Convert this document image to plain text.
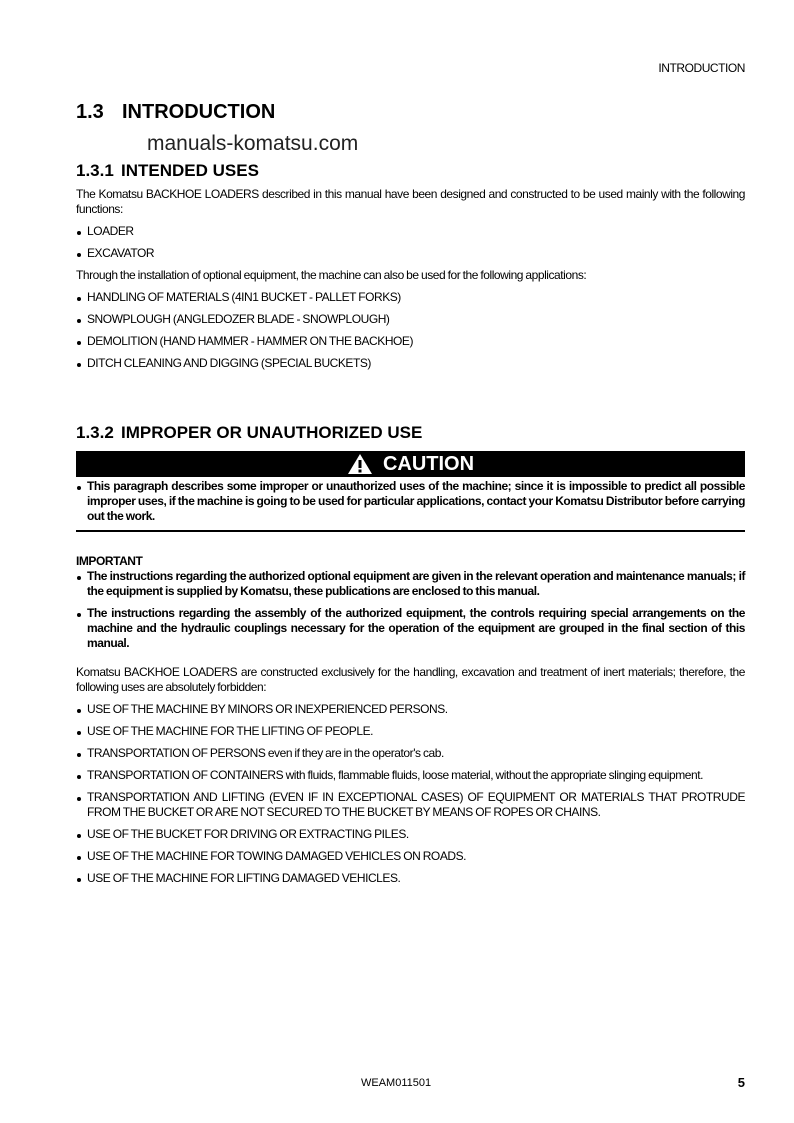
INTRODUCTION
1.3 INTRODUCTION
manuals-komatsu.com
1.3.1 INTENDED USES
The Komatsu BACKHOE LOADERS described in this manual have been designed and constructed to be used mainly with the following functions:
LOADER
EXCAVATOR
Through the installation of optional equipment, the machine can also be used for the following applications:
HANDLING OF MATERIALS (4IN1 BUCKET - PALLET FORKS)
SNOWPLOUGH (ANGLEDOZER BLADE - SNOWPLOUGH)
DEMOLITION (HAND HAMMER - HAMMER ON THE BACKHOE)
DITCH CLEANING AND DIGGING (SPECIAL BUCKETS)
1.3.2 IMPROPER OR UNAUTHORIZED USE
CAUTION
This paragraph describes some improper or unauthorized uses of the machine; since it is impossible to predict all possible improper uses, if the machine is going to be used for particular applications, contact your Komatsu Distributor before carrying out the work.
IMPORTANT
The instructions regarding the authorized optional equipment are given in the relevant operation and maintenance manuals; if the equipment is supplied by Komatsu, these publications are enclosed to this manual.
The instructions regarding the assembly of the authorized equipment, the controls requiring special arrangements on the machine and the hydraulic couplings necessary for the operation of the equipment are grouped in the final section of this manual.
Komatsu BACKHOE LOADERS are constructed exclusively for the handling, excavation and treatment of inert materials; therefore, the following uses are absolutely forbidden:
USE OF THE MACHINE BY MINORS OR INEXPERIENCED PERSONS.
USE OF THE MACHINE FOR THE LIFTING OF PEOPLE.
TRANSPORTATION OF PERSONS even if they are in the operator's cab.
TRANSPORTATION OF CONTAINERS with fluids, flammable fluids, loose material, without the appropriate slinging equipment.
TRANSPORTATION AND LIFTING (EVEN IF IN EXCEPTIONAL CASES) OF EQUIPMENT OR MATERIALS THAT PROTRUDE FROM THE BUCKET OR ARE NOT SECURED TO THE BUCKET BY MEANS OF ROPES OR CHAINS.
USE OF THE BUCKET FOR DRIVING OR EXTRACTING PILES.
USE OF THE MACHINE FOR TOWING DAMAGED VEHICLES ON ROADS.
USE OF THE MACHINE FOR LIFTING DAMAGED VEHICLES.
WEAM011501	5
